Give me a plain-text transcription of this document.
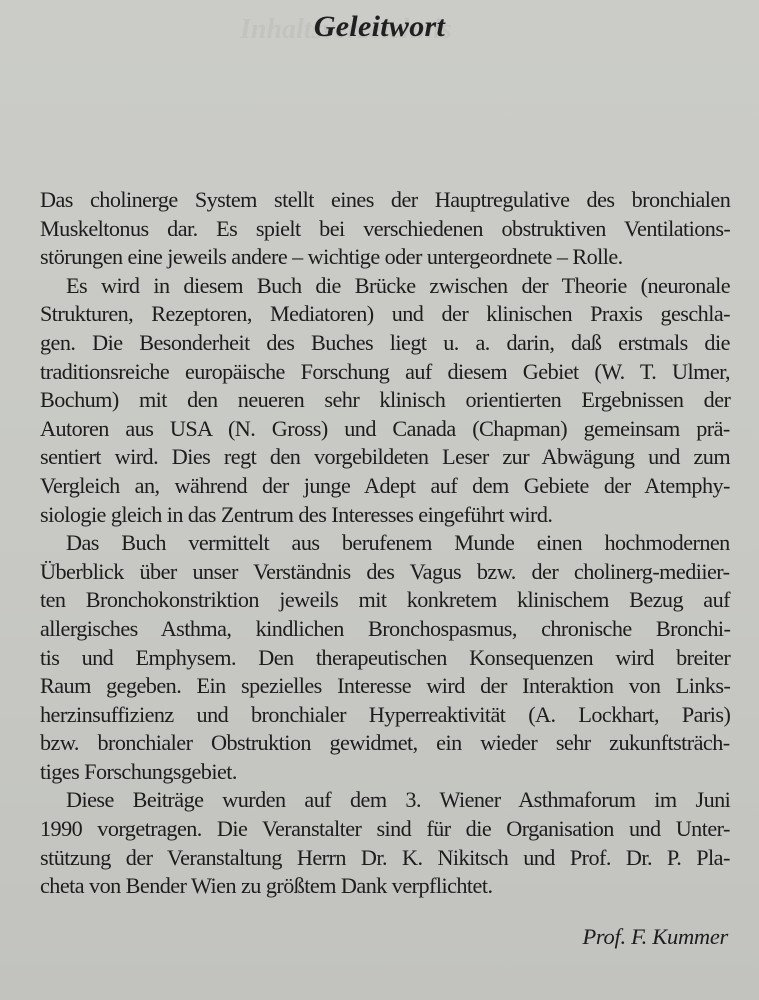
Geleitwort
Das cholinerge System stellt eines der Hauptregulative des bronchialen
Muskeltonus dar. Es spielt bei verschiedenen obstruktiven Ventilations-
störungen eine jeweils andere – wichtige oder untergeordnete – Rolle.
Es wird in diesem Buch die Brücke zwischen der Theorie (neuronale
Strukturen, Rezeptoren, Mediatoren) und der klinischen Praxis geschla-
gen. Die Besonderheit des Buches liegt u. a. darin, daß erstmals die
traditionsreiche europäische Forschung auf diesem Gebiet (W. T. Ulmer,
Bochum) mit den neueren sehr klinisch orientierten Ergebnissen der
Autoren aus USA (N. Gross) und Canada (Chapman) gemeinsam prä-
sentiert wird. Dies regt den vorgebildeten Leser zur Abwägung und zum
Vergleich an, während der junge Adept auf dem Gebiete der Atemphy-
siologie gleich in das Zentrum des Interesses eingeführt wird.
Das Buch vermittelt aus berufenem Munde einen hochmodernen
Überblick über unser Verständnis des Vagus bzw. der cholinerg-mediier-
ten Bronchokonstriktion jeweils mit konkretem klinischem Bezug auf
allergisches Asthma, kindlichen Bronchospasmus, chronische Bronchi-
tis und Emphysem. Den therapeutischen Konsequenzen wird breiter
Raum gegeben. Ein spezielles Interesse wird der Interaktion von Links-
herzinsuffizienz und bronchialer Hyperreaktivität (A. Lockhart, Paris)
bzw. bronchialer Obstruktion gewidmet, ein wieder sehr zukunftsträch-
tiges Forschungsgebiet.
Diese Beiträge wurden auf dem 3. Wiener Asthmaforum im Juni
1990 vorgetragen. Die Veranstalter sind für die Organisation und Unter-
stützung der Veranstaltung Herrn Dr. K. Nikitsch und Prof. Dr. P. Pla-
cheta von Bender Wien zu größtem Dank verpflichtet.
Prof. F. Kummer
